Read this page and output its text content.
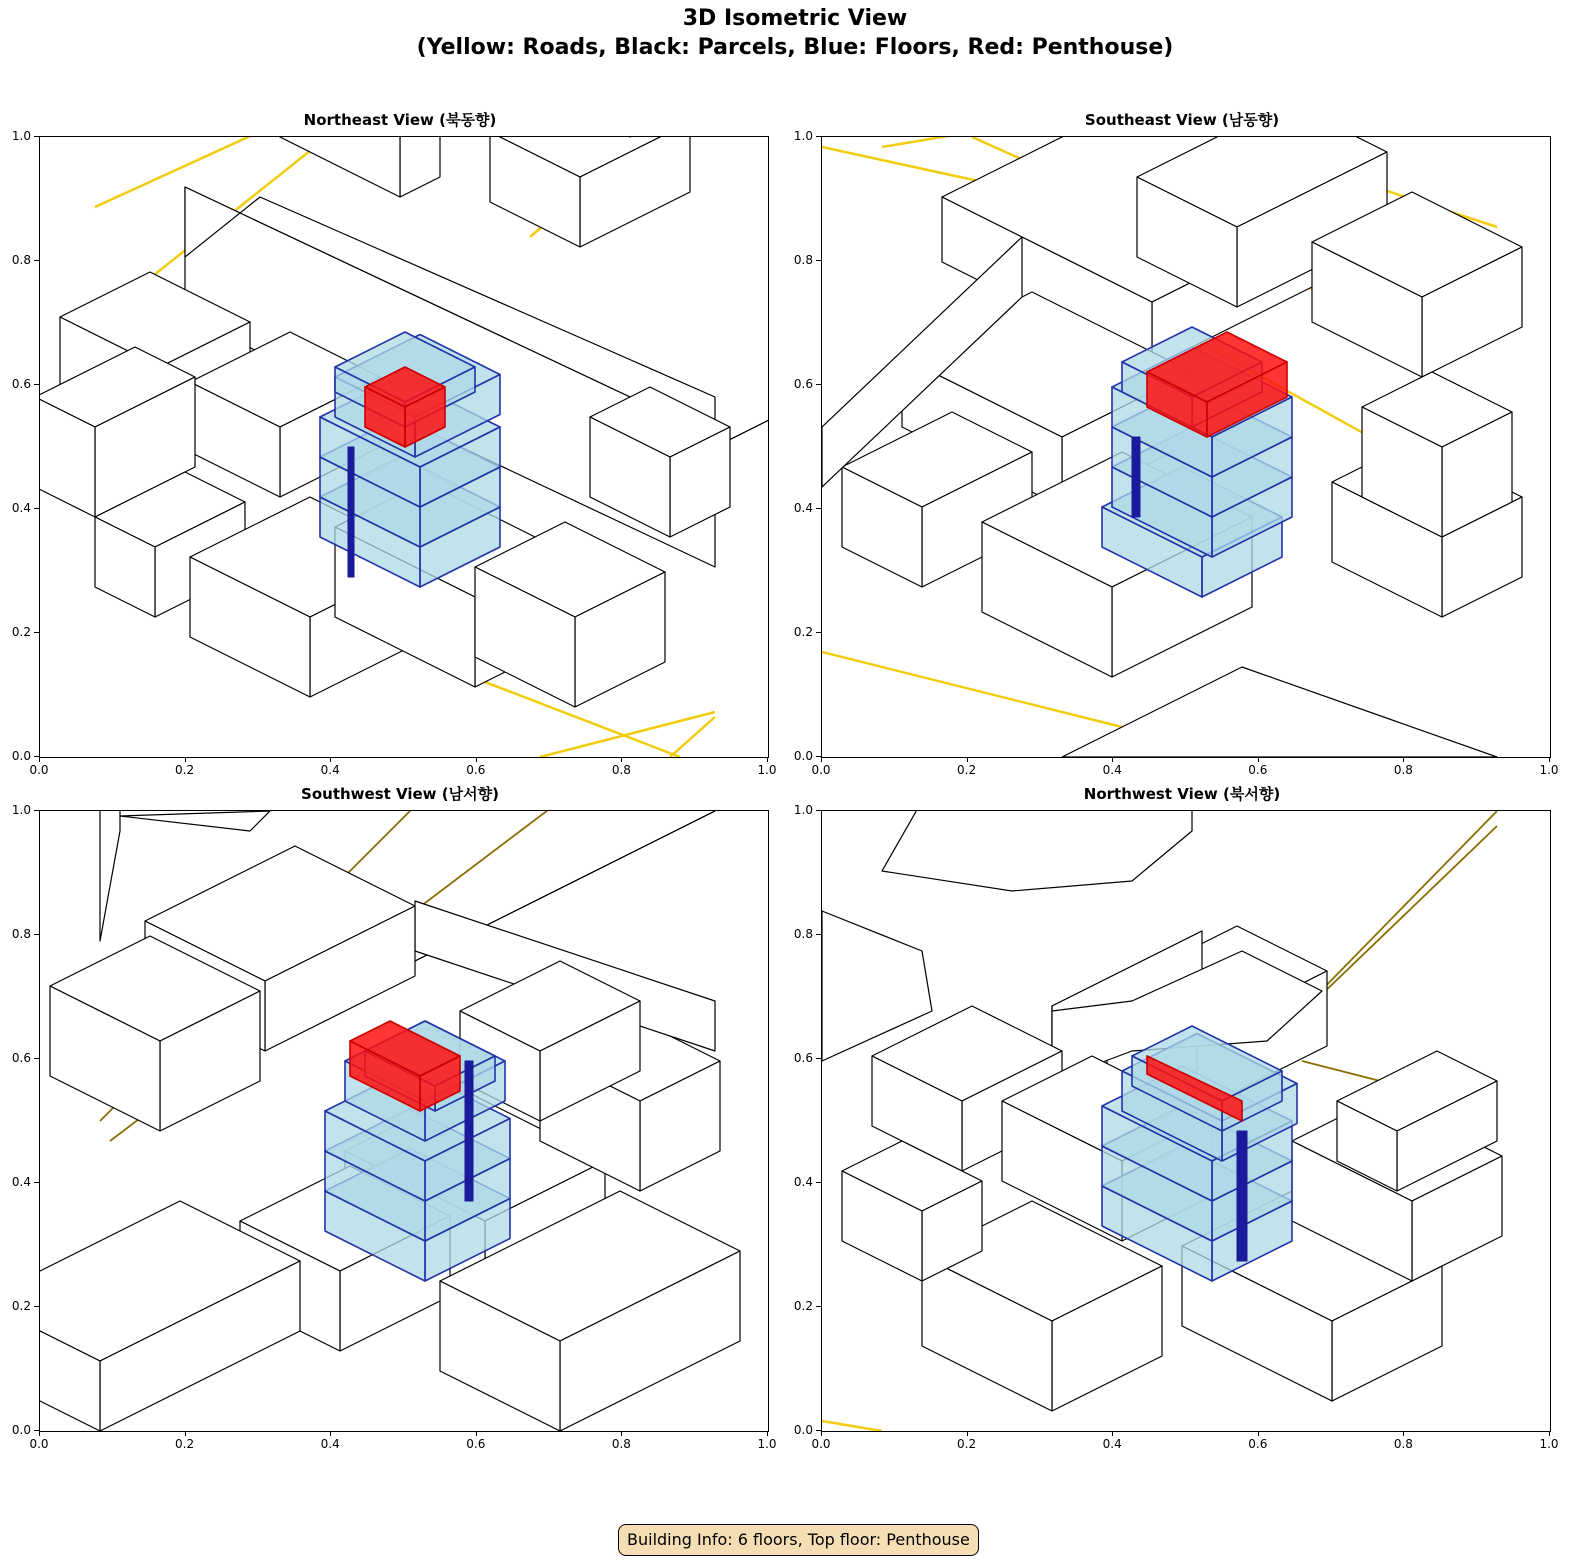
3D Isometric View
(Yellow: Roads, Black: Parcels, Blue: Floors, Red: Penthouse)
Northeast View (북동향)
0.0
0.0
0.2
0.2
0.4
0.4
0.6
0.6
0.8
0.8
1.0
1.0
Southeast View (남동향)
0.0
0.0
0.2
0.2
0.4
0.4
0.6
0.6
0.8
0.8
1.0
1.0
Southwest View (남서향)
0.0
0.0
0.2
0.2
0.4
0.4
0.6
0.6
0.8
0.8
1.0
1.0
Northwest View (북서향)
0.0
0.0
0.2
0.2
0.4
0.4
0.6
0.6
0.8
0.8
1.0
1.0
Building Info: 6 floors, Top floor: Penthouse
